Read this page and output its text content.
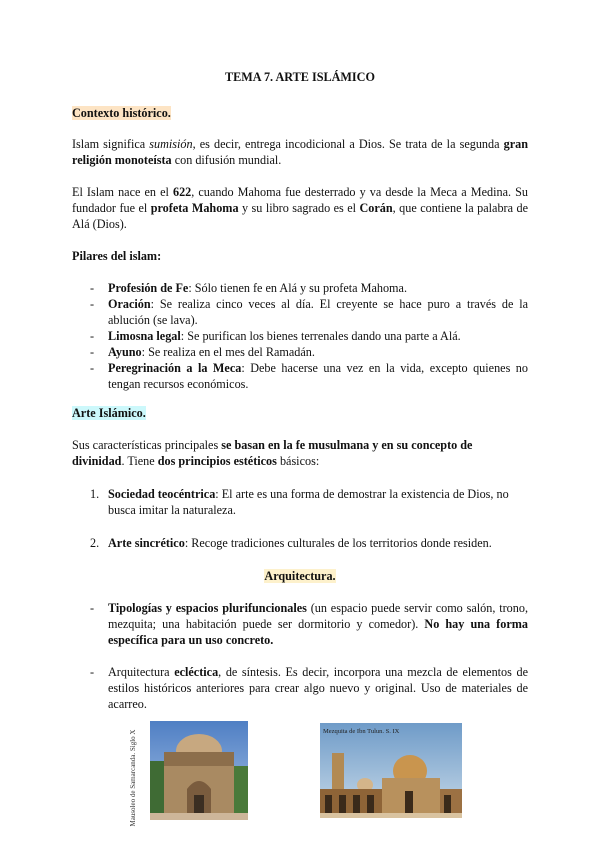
TEMA 7. ARTE ISLÁMICO
Contexto histórico.

Islam significa sumisión, es decir, entrega incodicional a Dios. Se trata de la segunda gran religión monoteísta con difusión mundial.

El Islam nace en el 622, cuando Mahoma fue desterrado y va desde la Meca a Medina. Su fundador fue el profeta Mahoma y su libro sagrado es el Corán, que contiene la palabra de Alá (Dios).

Pilares del islam:
- Profesión de Fe: Sólo tienen fe en Alá y su profeta Mahoma.
- Oración: Se realiza cinco veces al día. El creyente se hace puro a través de la ablución (se lava).
- Limosna legal: Se purifican los bienes terrenales dando una parte a Alá.
- Ayuno: Se realiza en el mes del Ramadán.
- Peregrinación a la Meca: Debe hacerse una vez en la vida, excepto quienes no tengan recursos económicos.
Arte Islámico.

Sus características principales se basan en la fe musulmana y en su concepto de divinidad. Tiene dos principios estéticos básicos:

1. Sociedad teocéntrica: El arte es una forma de demostrar la existencia de Dios, no busca imitar la naturaleza.
2. Arte sincrético: Recoge tradiciones culturales de los territorios donde residen.
Arquitectura.
- Tipologías y espacios plurifuncionales (un espacio puede servir como salón, trono, mezquita; una habitación puede ser dormitorio y comedor). No hay una forma específica para un uso concreto.
- Arquitectura ecléctica, de síntesis. Es decir, incorpora una mezcla de elementos de estilos históricos anteriores para crear algo nuevo y original. Uso de materiales de acarreo.
Mausoleo de Samarcanda. Siglo X	Mezquita de Ibn Tulun. S. IX
